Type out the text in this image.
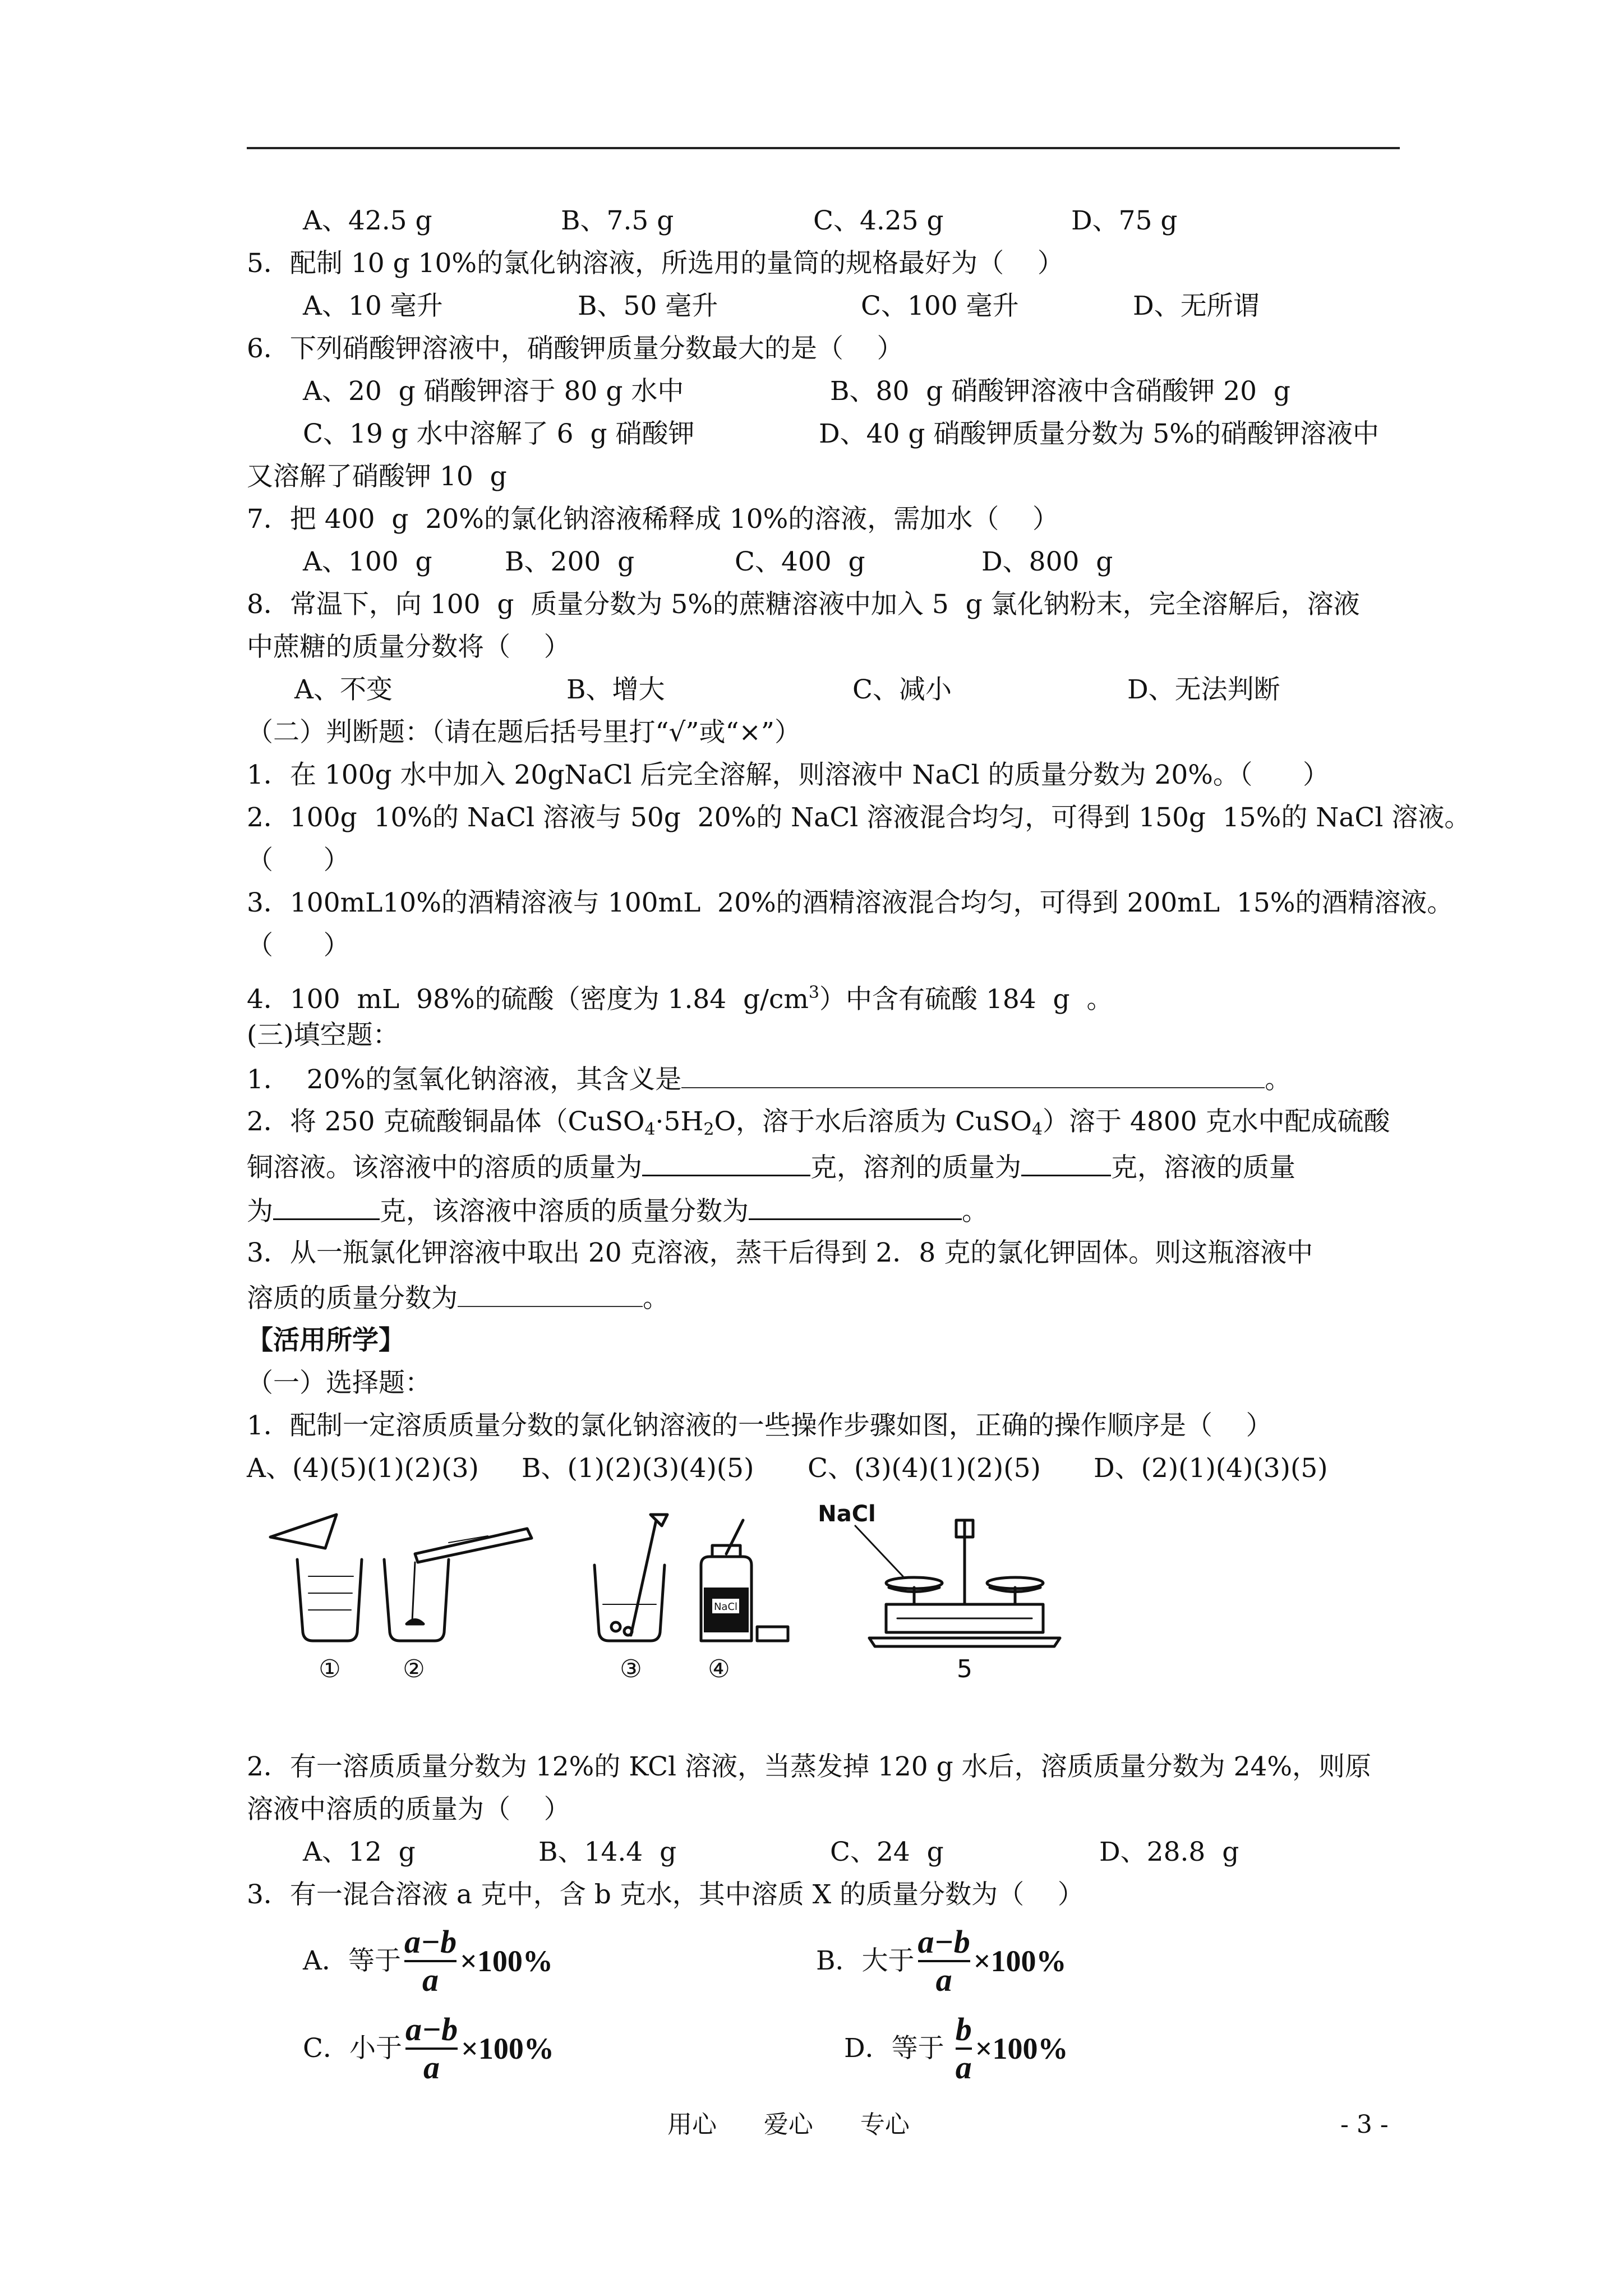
A、42.5 g	B、7.5 g	C、4.25 g	D、75 g
5．配制 10 g 10%的氯化钠溶液，所选用的量筒的规格最好为（    ）
A、10 毫升	B、50 毫升	C、100 毫升	D、无所谓
6．下列硝酸钾溶液中，硝酸钾质量分数最大的是（    ）
A、20  g 硝酸钾溶于 80 g 水中	B、80  g 硝酸钾溶液中含硝酸钾 20  g
C、19 g 水中溶解了 6  g 硝酸钾	D、40 g 硝酸钾质量分数为 5%的硝酸钾溶液中
又溶解了硝酸钾 10  g
7．把 400  g  20%的氯化钠溶液稀释成 10%的溶液，需加水（    ）
A、100  g	B、200  g	C、400  g	D、800  g
8．常温下，向 100  g  质量分数为 5%的蔗糖溶液中加入 5  g 氯化钠粉末，完全溶解后，溶液
中蔗糖的质量分数将（    ）
A、不变	B、增大	C、减小	D、无法判断
（二）判断题：（请在题后括号里打“√”或“×”）
1．在 100g 水中加入 20gNaCl 后完全溶解，则溶液中 NaCl 的质量分数为 20%。（      ）
2．100g  10%的 NaCl 溶液与 50g  20%的 NaCl 溶液混合均匀，可得到 150g  15%的 NaCl 溶液。
（      ）
3．100mL10%的酒精溶液与 100mL  20%的酒精溶液混合均匀，可得到 200mL  15%的酒精溶液。
（      ）
4．100  mL  98%的硫酸（密度为 1.84  $g/cm^3$）中含有硫酸 184  g  。
(三)填空题：
1．  20%的氢氧化钠溶液，其含义是	。
2．将 250 克硫酸铜晶体（$CuSO_4\cdot 5H_2O$，溶于水后溶质为 CuSO$_4$）溶于 4800 克水中配成硫酸
铜溶液。该溶液中的溶质的质量为	克，溶剂的质量为	克，溶液的质量
为	克，该溶液中溶质的质量分数为	。
3．从一瓶氯化钾溶液中取出 20 克溶液，蒸干后得到 2．8 克的氯化钾固体。则这瓶溶液中
溶质的质量分数为	。
【活用所学】
（一）选择题：
1．配制一定溶质质量分数的氯化钠溶液的一些操作步骤如图，正确的操作顺序是（    ）
A、(4)(5)(1)(2)(3) B、(1)(2)(3)(4)(5) C、(3)(4)(1)(2)(5) D、(2)(1)(4)(3)(5)
NaCl
①	②	③	④	5
NaCl
2．有一溶质质量分数为 12%的 KCl 溶液，当蒸发掉 120 g 水后，溶质质量分数为 24%，则原
溶液中溶质的质量为（    ）
A、12  g	B、14.4  g	C、24  g	D、28.8  g
3．有一混合溶液 a 克中，含 b 克水，其中溶质 X 的质量分数为（    ）
A．等于 $\frac{a-b}{a} \times 100\%$	B．大于 $\frac{a-b}{a} \times 100\%$
C．小于 $\frac{a-b}{a} \times 100\%$	D．等于 $\frac{b}{a} \times 100\%$
用心      爱心      专心	- 3 -
